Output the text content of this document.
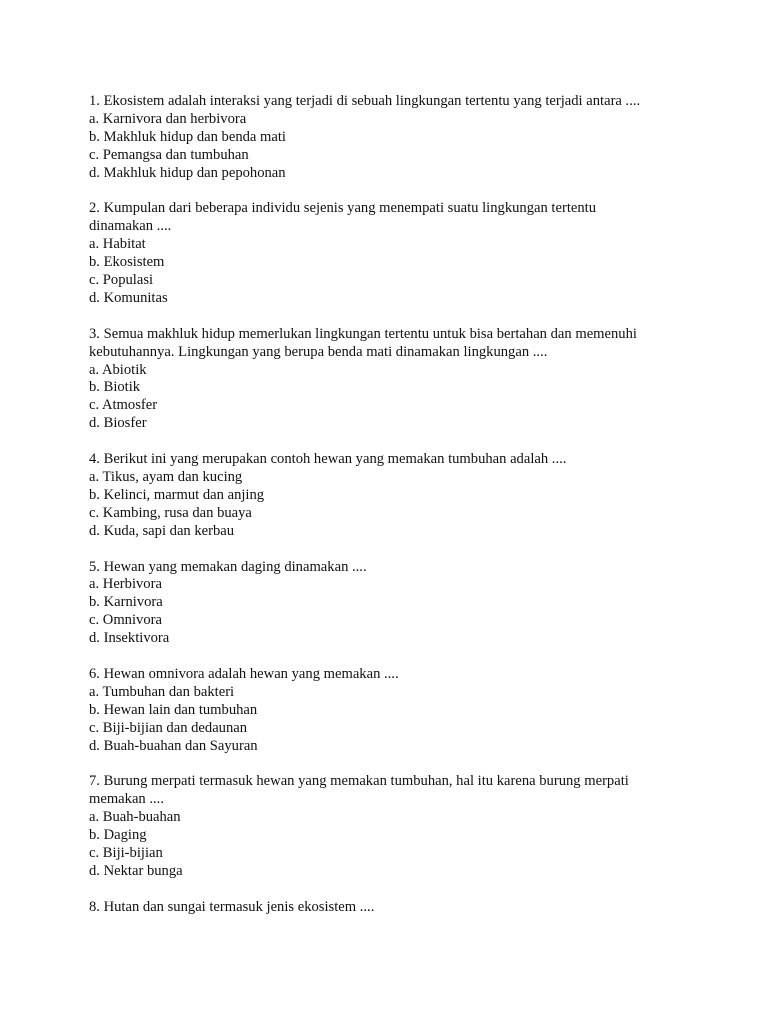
1. Ekosistem adalah interaksi yang terjadi di sebuah lingkungan tertentu yang terjadi antara ....
a. Karnivora dan herbivora
b. Makhluk hidup dan benda mati
c. Pemangsa dan tumbuhan
d. Makhluk hidup dan pepohonan
2. Kumpulan dari beberapa individu sejenis yang menempati suatu lingkungan tertentu dinamakan ....
a. Habitat
b. Ekosistem
c. Populasi
d. Komunitas
3. Semua makhluk hidup memerlukan lingkungan tertentu untuk bisa bertahan dan memenuhi kebutuhannya. Lingkungan yang berupa benda mati dinamakan lingkungan ....
a. Abiotik
b. Biotik
c. Atmosfer
d. Biosfer
4. Berikut ini yang merupakan contoh hewan yang memakan tumbuhan adalah ....
a. Tikus, ayam dan kucing
b. Kelinci, marmut dan anjing
c. Kambing, rusa dan buaya
d. Kuda, sapi dan kerbau
5. Hewan yang memakan daging dinamakan ....
a. Herbivora
b. Karnivora
c. Omnivora
d. Insektivora
6. Hewan omnivora adalah hewan yang memakan ....
a. Tumbuhan dan bakteri
b. Hewan lain dan tumbuhan
c. Biji-bijian dan dedaunan
d. Buah-buahan dan Sayuran
7. Burung merpati termasuk hewan yang memakan tumbuhan, hal itu karena burung merpati memakan ....
a. Buah-buahan
b. Daging
c. Biji-bijian
d. Nektar bunga
8. Hutan dan sungai termasuk jenis ekosistem ....
